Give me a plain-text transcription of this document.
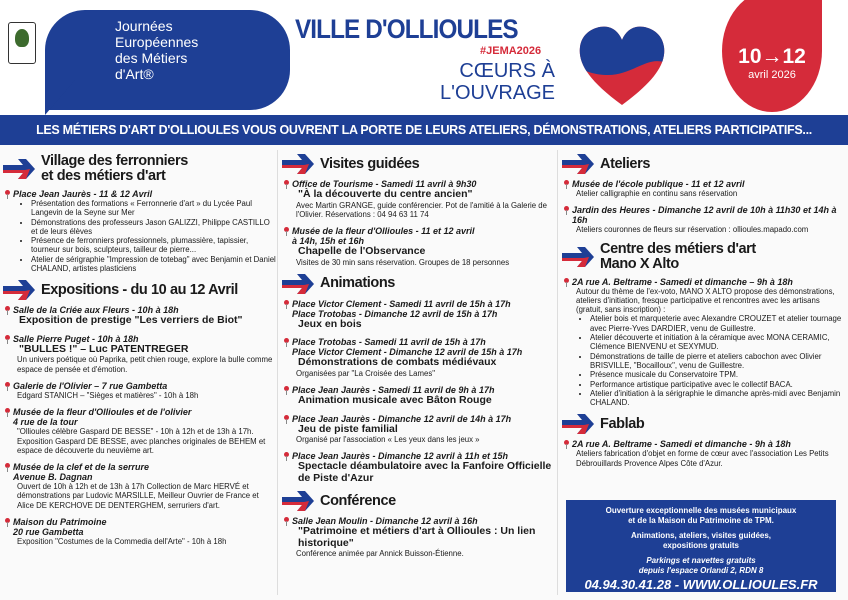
Journées
Européennes
des Métiers
d'Art®
VILLE D'OLLIOULES
#JEMA2026
CŒURS À
L'OUVRAGE
10→12
avril 2026
LES MÉTIERS D'ART D'OLLIOULES VOUS OUVRENT LA PORTE DE LEURS ATELIERS, DÉMONSTRATIONS, ATELIERS PARTICIPATIFS...
Village des ferronniers
et des métiers d'art
Place Jean Jaurès - 11 & 12 Avril
• Présentation des formations « Ferronnerie d'art » du Lycée Paul Langevin de la Seyne sur Mer
• Démonstrations des professeurs Jason GALIZZI, Philippe CASTILLO et de leurs élèves
• Présence de ferronniers professionnels, plumassière, tapissier, tourneur sur bois, sculpteurs, tailleur de pierre...
• Atelier de sérigraphie "Impression de totebag" avec Benjamin et Daniel CHALAND, artistes plasticiens
Expositions - du 10 au 12 Avril
Salle de la Criée aux Fleurs - 10h à 18h
Exposition de prestige "Les verriers de Biot"
Salle Pierre Puget - 10h à 18h
"BULLES !" – Luc PATENTREGER
Un univers poétique où Paprika, petit chien rouge, explore la bulle comme espace de pensée et d'émotion.
Galerie de l'Olivier – 7 rue Gambetta
Edgard STANICH – "Sièges et matières" - 10h à 18h
Musée de la fleur d'Ollioules et de l'olivier
4 rue de la tour
"Ollioules célèbre Gaspard DE BESSE" - 10h à 12h et de 13h à 17h. Exposition Gaspard DE BESSE, avec planches originales de BEHEM et espace de découverte du neuvième art.
Musée de la clef et de la serrure
Avenue B. Dagnan
Ouvert de 10h à 12h et de 13h à 17h Collection de Marc HERVÉ et démonstrations par Ludovic MARSILLE, Meilleur Ouvrier de France et Alice DE KERCHOVE DE DENTERGHEM, serruriers d'art.
Maison du Patrimoine
20 rue Gambetta
Exposition "Costumes de la Commedia dell'Arte" - 10h à 18h
Visites guidées
Office de Tourisme - Samedi 11 avril à 9h30
"À la découverte du centre ancien"
Avec Martin GRANGE, guide conférencier. Pot de l'amitié à la Galerie de l'Olivier. Réservations : 04 94 63 11 74
Musée de la fleur d'Ollioules - 11 et 12 avril
à 14h, 15h et 16h
Chapelle de l'Observance
Visites de 30 min sans réservation. Groupes de 18 personnes
Animations
Place Victor Clement - Samedi 11 avril de 15h à 17h
Place Trotobas - Dimanche 12 avril de 15h à 17h
Jeux en bois
Place Trotobas - Samedi 11 avril de 15h à 17h
Place Victor Clement - Dimanche 12 avril de 15h à 17h
Démonstrations de combats médiévaux
Organisées par "La Croisée des Lames"
Place Jean Jaurès - Samedi 11 avril de 9h à 17h
Animation musicale avec Bâton Rouge
Place Jean Jaurès - Dimanche 12 avril de 14h à 17h
Jeu de piste familial
Organisé par l'association « Les yeux dans les jeux »
Place Jean Jaurès - Dimanche 12 avril à 11h et 15h
Spectacle déambulatoire avec la Fanfoire Officielle de Piste d'Azur
Conférence
Salle Jean Moulin - Dimanche 12 avril à 16h
"Patrimoine et métiers d'art à Ollioules : Un lien historique"
Conférence animée par Annick Buisson-Étienne.
Ateliers
Musée de l'école publique - 11 et 12 avril
Atelier calligraphie en continu sans réservation
Jardin des Heures - Dimanche 12 avril de 10h à 11h30 et 14h à 16h
Ateliers couronnes de fleurs sur réservation : ollioules.mapado.com
Centre des métiers d'art
Mano X Alto
2A rue A. Beltrame - Samedi et dimanche – 9h à 18h
Autour du thème de l'ex-voto, MANO X ALTO propose des démonstrations, ateliers d'initiation, fresque participative et rencontres avec les artisans (gratuit, sans inscription) :
• Atelier bois et marqueterie avec Alexandre CROUZET et atelier tournage avec Pierre-Yves DARDIER, venu de Guillestre.
• Atelier découverte et initiation à la céramique avec MONA CERAMIC, Clémence BIENVENU et SEXYMUD.
• Démonstrations de taille de pierre et ateliers cabochon avec Olivier BRISVILLE, "Bocailloux", venu de Guillestre.
• Présence musicale du Conservatoire TPM.
• Performance artistique participative avec le collectif BACA.
• Atelier d'initiation à la sérigraphie le dimanche après-midi avec Benjamin CHALAND.
Fablab
2A rue A. Beltrame - Samedi et dimanche - 9h à 18h
Ateliers fabrication d'objet en forme de cœur avec l'association Les Petits Débrouillards Provence Alpes Côte d'Azur.
Ouverture exceptionnelle des musées municipaux
et de la Maison du Patrimoine de TPM.
Animations, ateliers, visites guidées,
expositions gratuits
Parkings et navettes gratuits
depuis l'espace Orlandi 2, RDN 8
04.94.30.41.28 - WWW.OLLIOULES.FR
